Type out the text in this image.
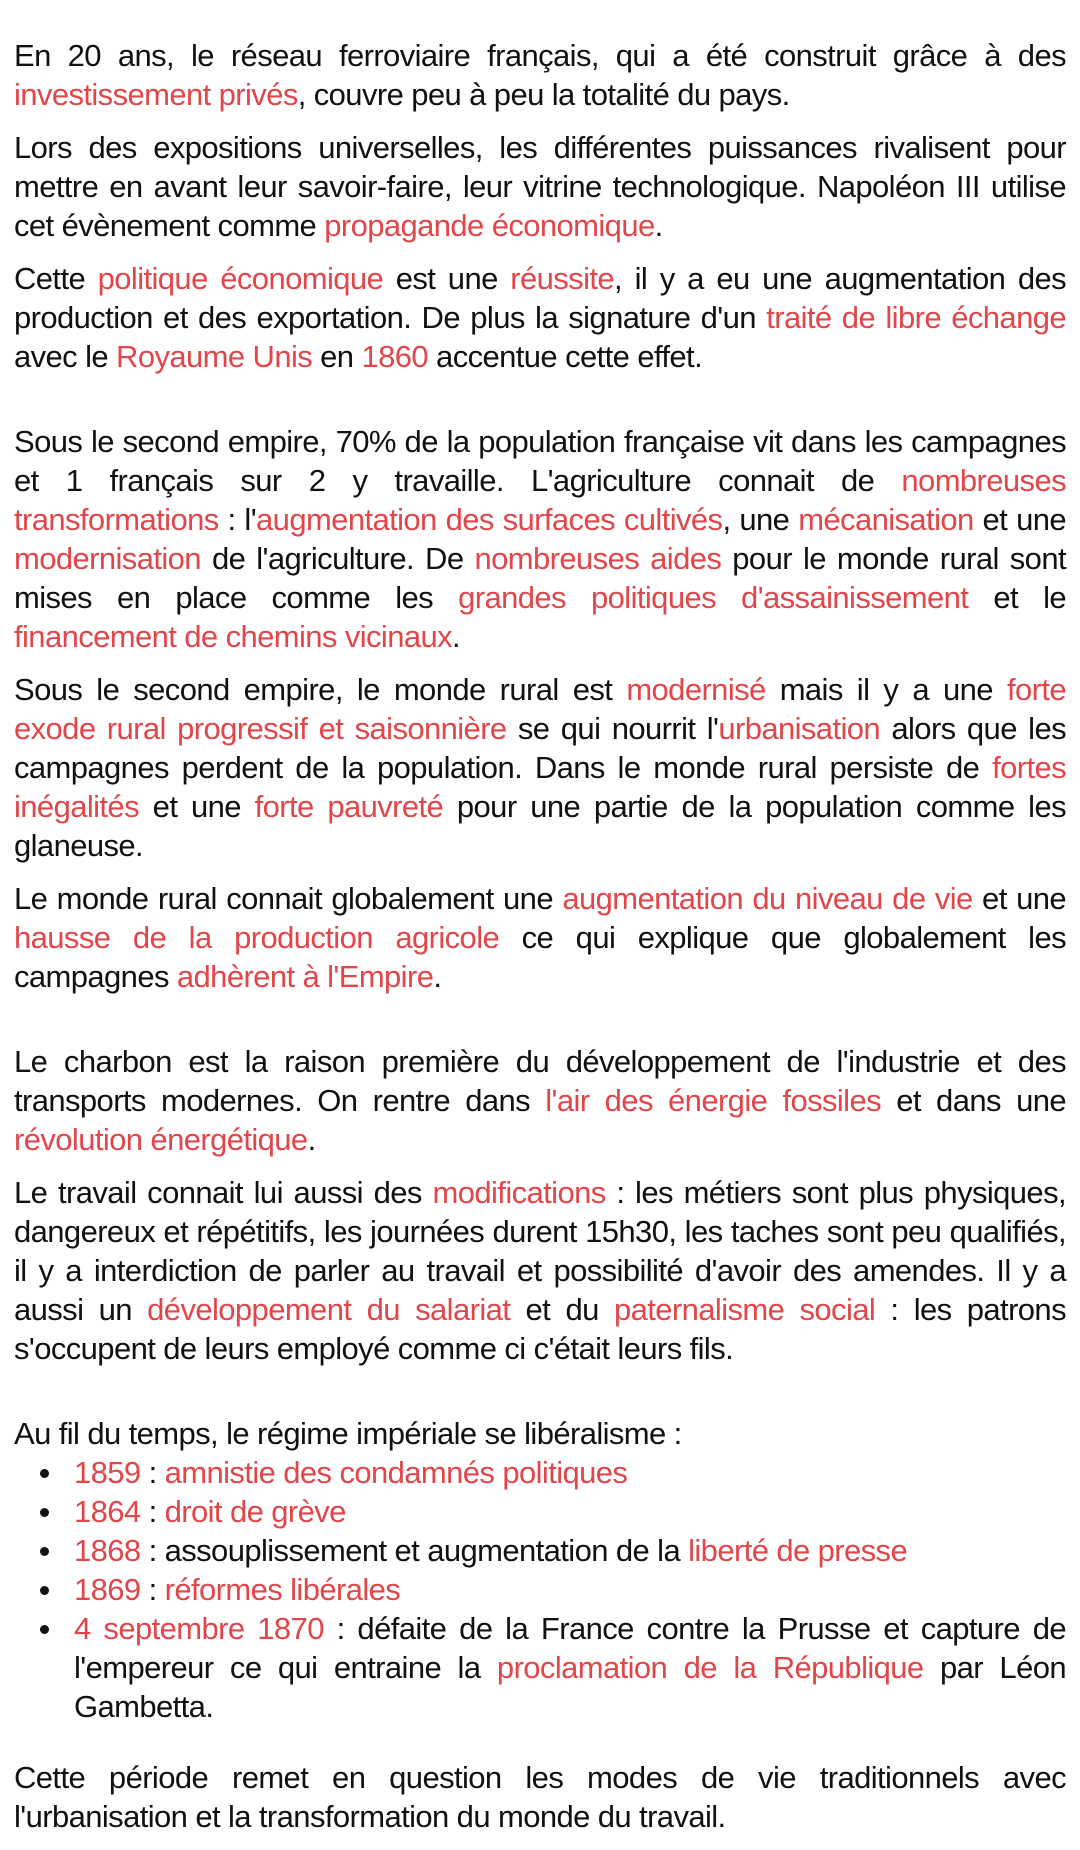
En 20 ans, le réseau ferroviaire français, qui a été construit grâce à des investissement privés, couvre peu à peu la totalité du pays.

Lors des expositions universelles, les différentes puissances rivalisent pour mettre en avant leur savoir-faire, leur vitrine technologique. Napoléon III utilise cet évènement comme propagande économique.

Cette politique économique est une réussite, il y a eu une augmentation des production et des exportation. De plus la signature d'un traité de libre échange avec le Royaume Unis en 1860 accentue cette effet.

Sous le second empire, 70% de la population française vit dans les campagnes et 1 français sur 2 y travaille. L'agriculture connait de nombreuses transformations : l'augmentation des surfaces cultivés, une mécanisation et une modernisation de l'agriculture. De nombreuses aides pour le monde rural sont mises en place comme les grandes politiques d'assainissement et le financement de chemins vicinaux.

Sous le second empire, le monde rural est modernisé mais il y a une forte exode rural progressif et saisonnière se qui nourrit l'urbanisation alors que les campagnes perdent de la population. Dans le monde rural persiste de fortes inégalités et une forte pauvreté pour une partie de la population comme les glaneuse.

Le monde rural connait globalement une augmentation du niveau de vie et une hausse de la production agricole ce qui explique que globalement les campagnes adhèrent à l'Empire.

Le charbon est la raison première du développement de l'industrie et des transports modernes. On rentre dans l'air des énergie fossiles et dans une révolution énergétique.

Le travail connait lui aussi des modifications : les métiers sont plus physiques, dangereux et répétitifs, les journées durent 15h30, les taches sont peu qualifiés, il y a interdiction de parler au travail et possibilité d'avoir des amendes. Il y a aussi un développement du salariat et du paternalisme social : les patrons s'occupent de leurs employé comme ci c'était leurs fils.

Au fil du temps, le régime impériale se libéralisme :

1859 : amnistie des condamnés politiques
1864 : droit de grève
1868 : assouplissement et augmentation de la liberté de presse
1869 : réformes libérales
4 septembre 1870 : défaite de la France contre la Prusse et capture de l'empereur ce qui entraine la proclamation de la République par Léon Gambetta.

Cette période remet en question les modes de vie traditionnels avec l'urbanisation et la transformation du monde du travail.
